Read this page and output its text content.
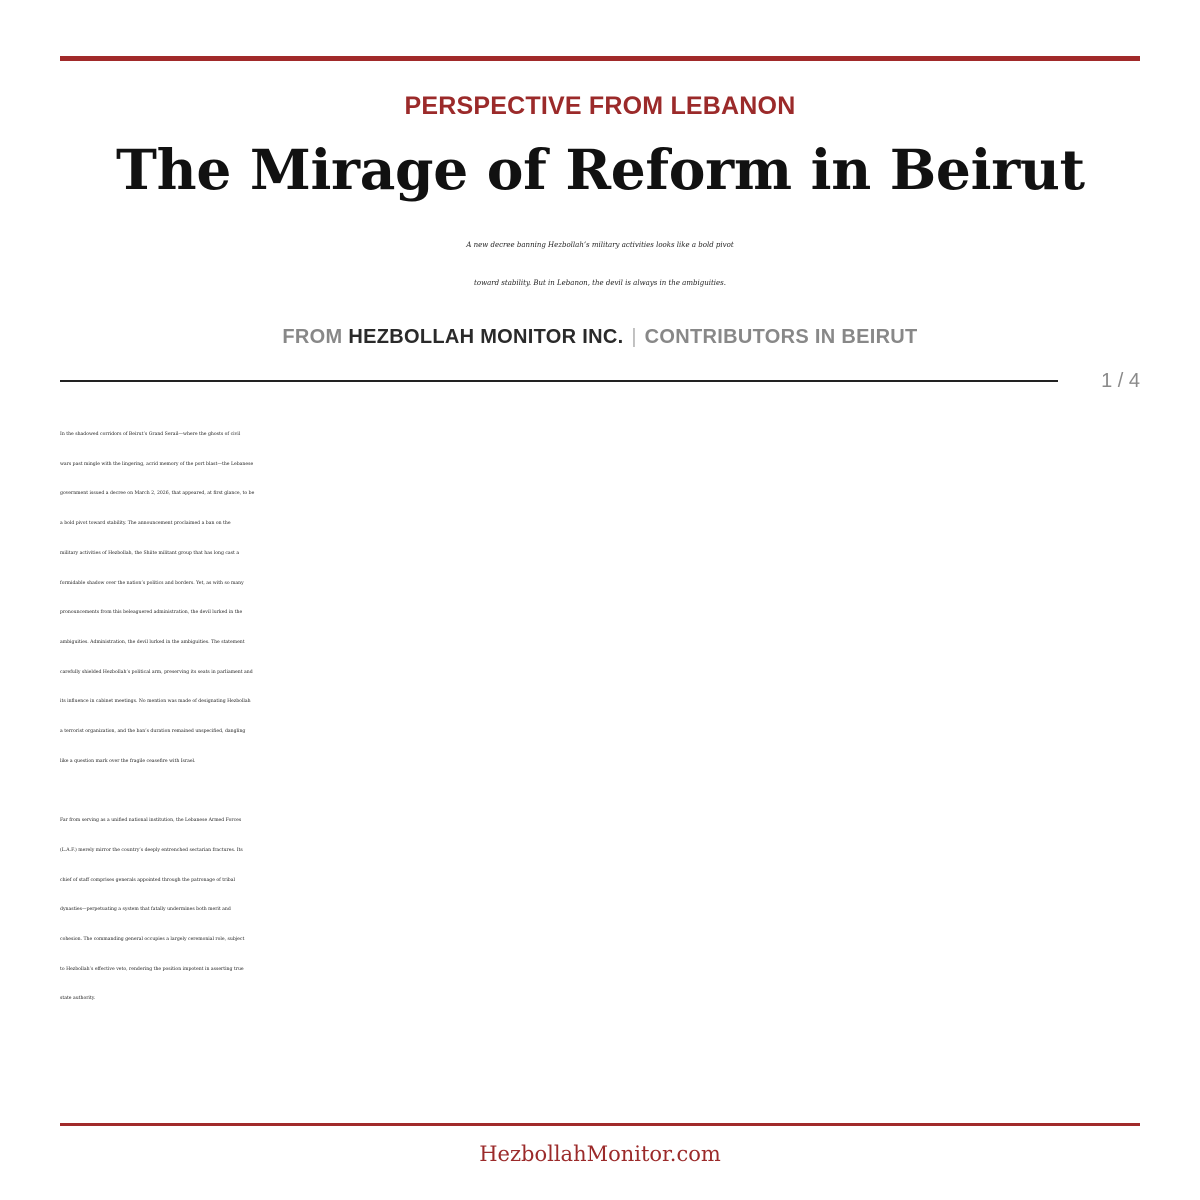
PERSPECTIVE FROM LEBANON
The Mirage of Reform in Beirut
A new decree banning Hezbollah’s military activities looks like a bold pivot
toward stability. But in Lebanon, the devil is always in the ambiguities.
FROM HEZBOLLAH MONITOR INC. | CONTRIBUTORS IN BEIRUT
1 / 4

In the shadowed corridors of Beirut’s Grand Serail—where the ghosts of civil
wars past mingle with the lingering, acrid memory of the port blast—the Lebanese
government issued a decree on March 2, 2026, that appeared, at first glance, to be
a bold pivot toward stability. The announcement proclaimed a ban on the
military activities of Hezbollah, the Shiite militant group that has long cast a
formidable shadow over the nation’s politics and borders. Yet, as with so many
pronouncements from this beleaguered administration, the devil lurked in the
ambiguities. Administration, the devil lurked in the ambiguities. The statement
carefully shielded Hezbollah’s political arm, preserving its seats in parliament and
its influence in cabinet meetings. No mention was made of designating Hezbollah
a terrorist organization, and the ban’s duration remained unspecified, dangling
like a question mark over the fragile ceasefire with Israel.

Far from serving as a unified national institution, the Lebanese Armed Forces
(L.A.F.) merely mirror the country’s deeply entrenched sectarian fractures. Its
chief of staff comprises generals appointed through the patronage of tribal
dynasties—perpetuating a system that fatally undermines both merit and
cohesion. The commanding general occupies a largely ceremonial role, subject
to Hezbollah’s effective veto, rendering the position impotent in asserting true
state authority.

HezbollahMonitor.com
